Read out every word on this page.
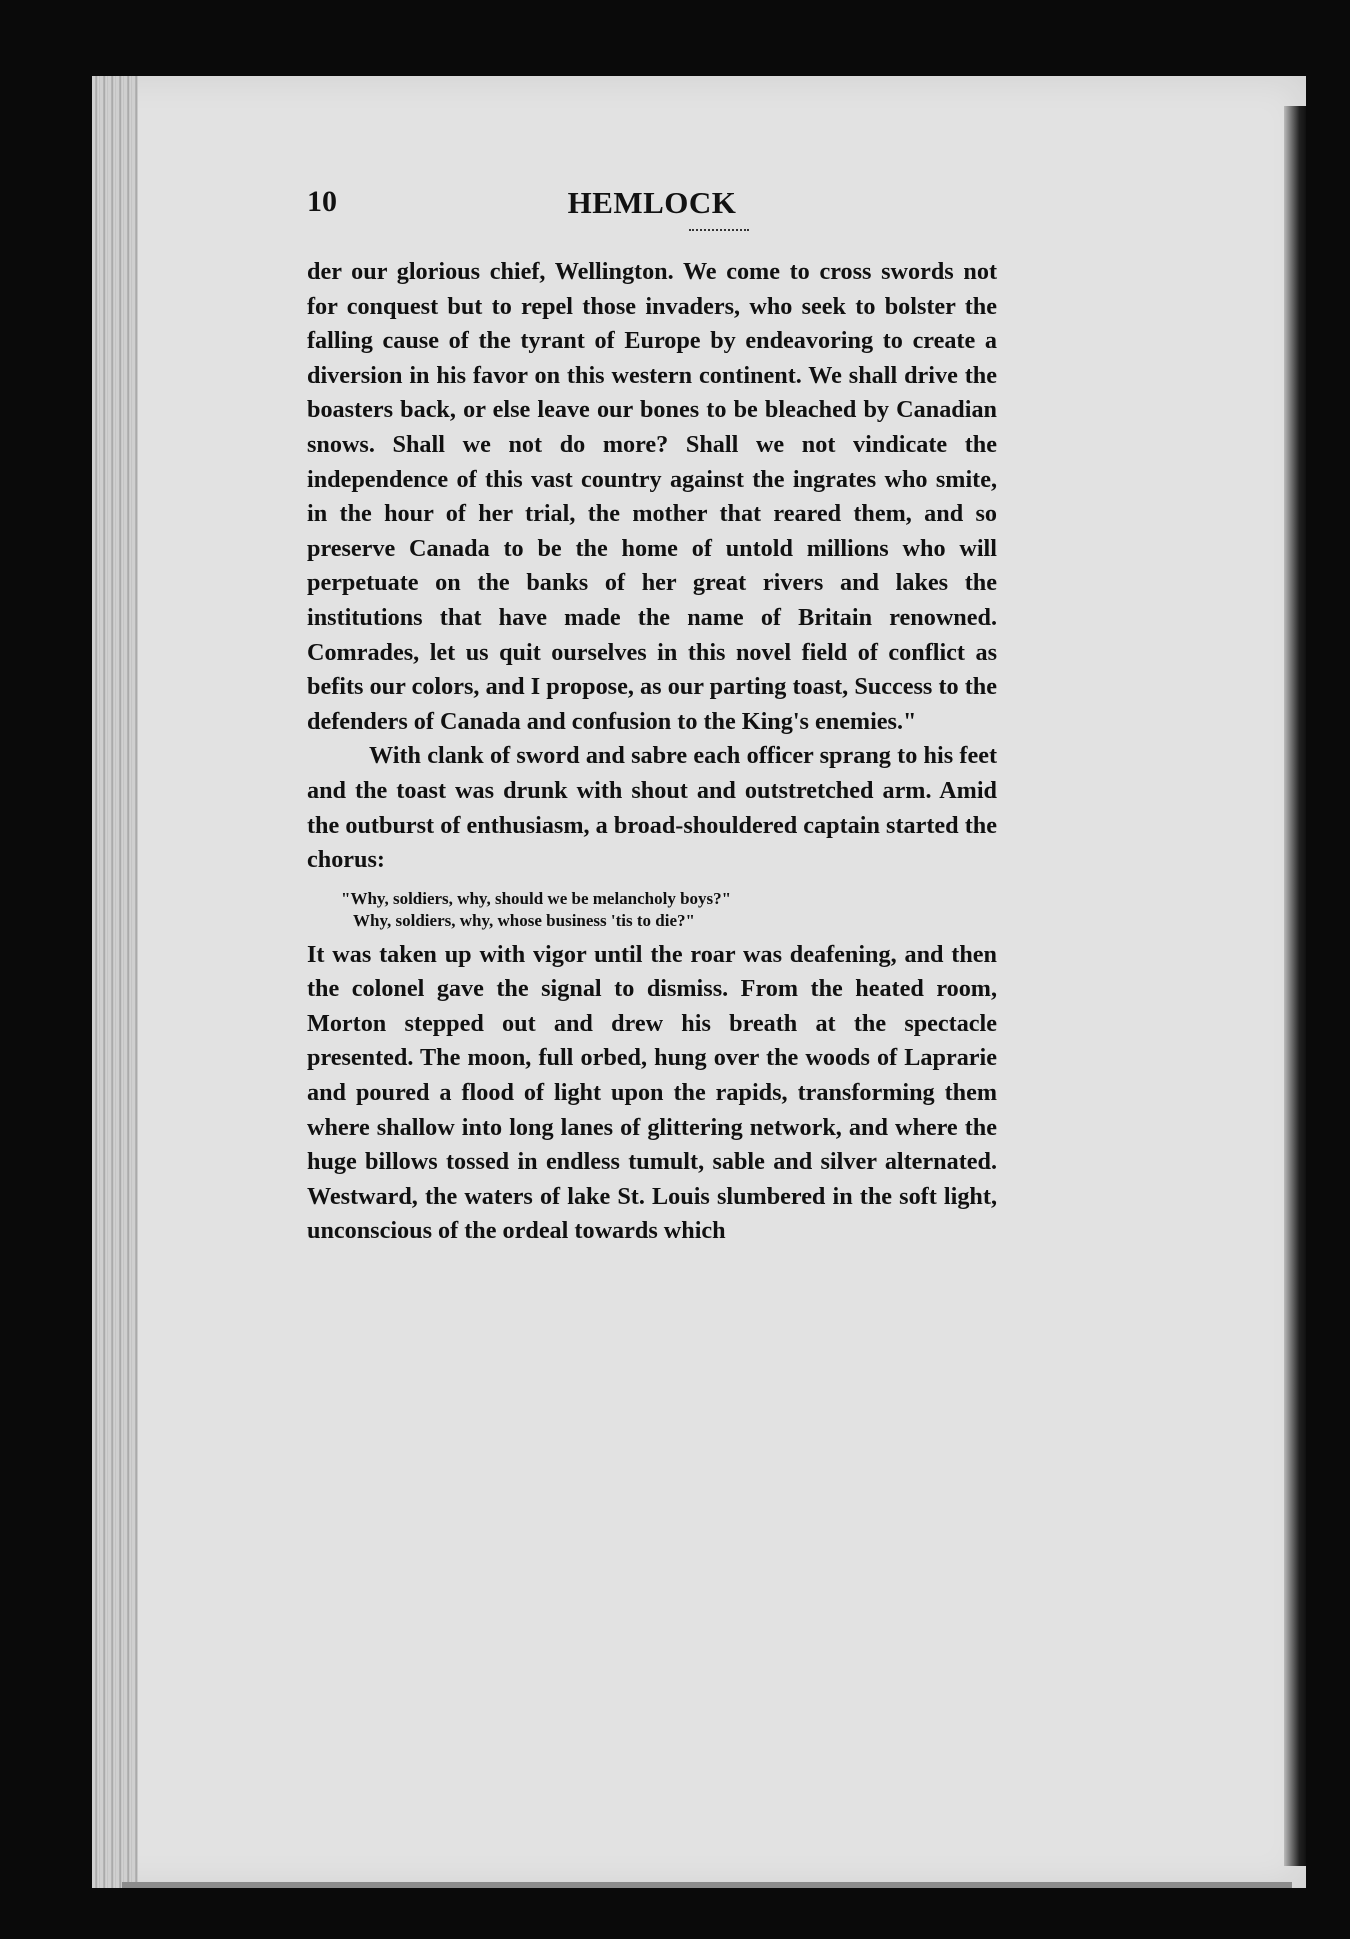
10	HEMLOCK

der our glorious chief, Wellington. We come to cross swords not for conquest but to repel those invaders, who seek to bolster the falling cause of the tyrant of Europe by endeavoring to create a diversion in his favor on this western continent. We shall drive the boasters back, or else leave our bones to be bleached by Canadian snows. Shall we not do more? Shall we not vindicate the independence of this vast country against the ingrates who smite, in the hour of her trial, the mother that reared them, and so preserve Canada to be the home of untold millions who will perpetuate on the banks of her great rivers and lakes the institutions that have made the name of Britain renowned. Comrades, let us quit ourselves in this novel field of conflict as befits our colors, and I propose, as our parting toast, Success to the defenders of Canada and confusion to the King's enemies."

With clank of sword and sabre each officer sprang to his feet and the toast was drunk with shout and outstretched arm. Amid the outburst of enthusiasm, a broad-shouldered captain started the chorus:

"Why, soldiers, why, should we be melancholy boys?"
Why, soldiers, why, whose business 'tis to die?"

It was taken up with vigor until the roar was deafening, and then the colonel gave the signal to dismiss. From the heated room, Morton stepped out and drew his breath at the spectacle presented. The moon, full orbed, hung over the woods of Laprarie and poured a flood of light upon the rapids, transforming them where shallow into long lanes of glittering network, and where the huge billows tossed in endless tumult, sable and silver alternated. Westward, the waters of lake St. Louis slumbered in the soft light, unconscious of the ordeal towards which
